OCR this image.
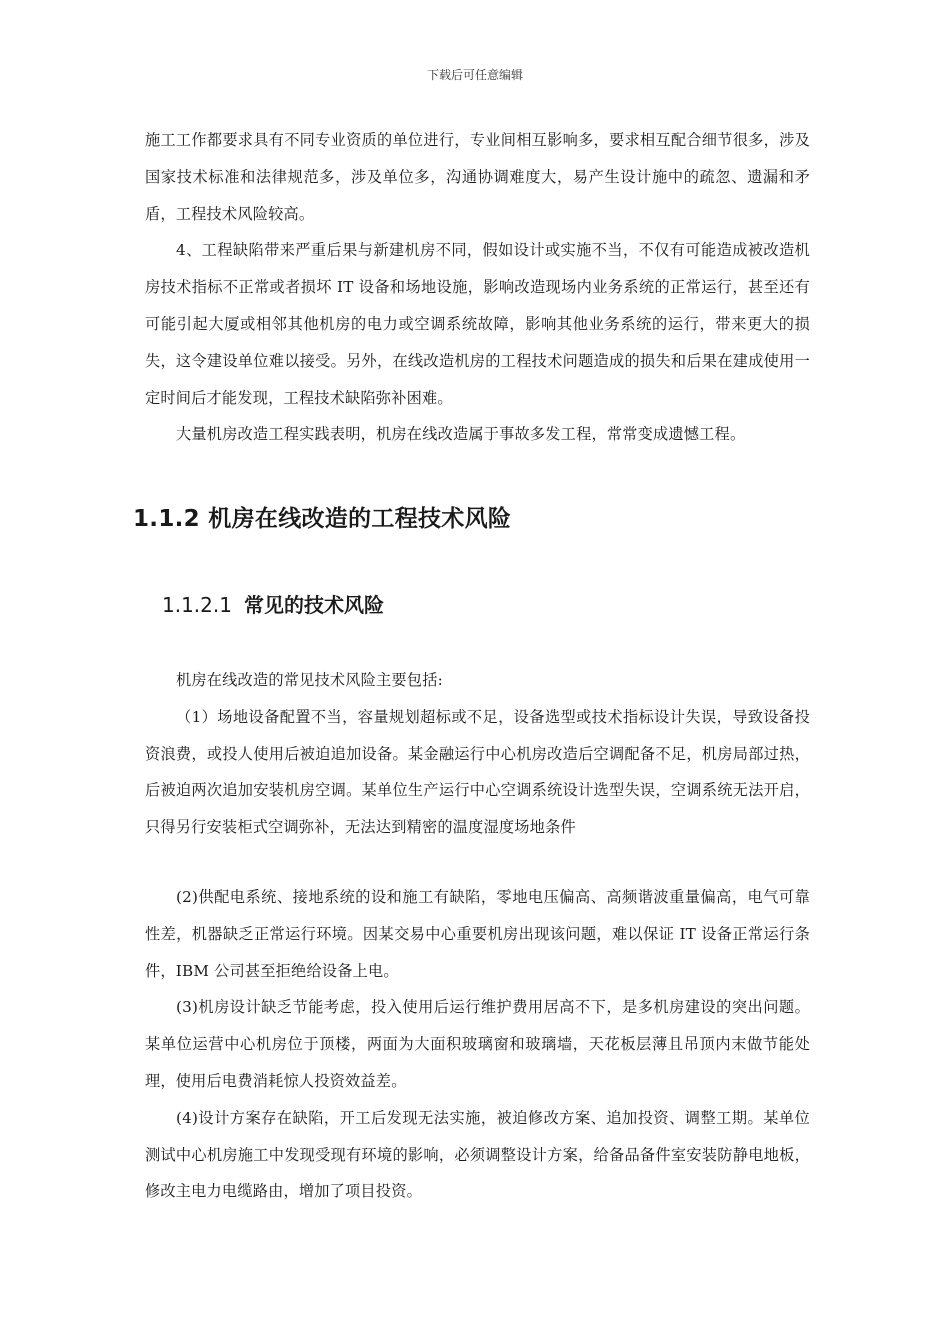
下载后可任意编辑

施工工作都要求具有不同专业资质的单位进行，专业间相互影响多，要求相互配合细节很多，涉及国家技术标准和法律规范多，涉及单位多，沟通协调难度大，易产生设计施中的疏忽、遗漏和矛盾，工程技术风险较高。

4、工程缺陷带来严重后果与新建机房不同，假如设计或实施不当，不仅有可能造成被改造机房技术指标不正常或者损坏 IT 设备和场地设施，影响改造现场内业务系统的正常运行，甚至还有可能引起大厦或相邻其他机房的电力或空调系统故障，影响其他业务系统的运行，带来更大的损失，这令建设单位难以接受。另外，在线改造机房的工程技术问题造成的损失和后果在建成使用一定时间后才能发现，工程技术缺陷弥补困难。

大量机房改造工程实践表明，机房在线改造属于事故多发工程，常常变成遗憾工程。

1.1.2 机房在线改造的工程技术风险
1.1.2.1 常见的技术风险

机房在线改造的常见技术风险主要包括:

（1）场地设备配置不当，容量规划超标或不足，设备选型或技术指标设计失误，导致设备投资浪费，或投人使用后被迫追加设备。某金融运行中心机房改造后空调配备不足，机房局部过热，后被迫两次追加安装机房空调。某单位生产运行中心空调系统设计选型失误，空调系统无法开启，只得另行安装柜式空调弥补，无法达到精密的温度湿度场地条件

(2)供配电系统、接地系统的设和施工有缺陷，零地电压偏高、高频谐波重量偏高，电气可靠性差，机器缺乏正常运行环境。因某交易中心重要机房出现该问题，难以保证 IT 设备正常运行条件，IBM 公司甚至拒绝给设备上电。

(3)机房设计缺乏节能考虑，投入使用后运行维护费用居高不下，是多机房建设的突出问题。某单位运营中心机房位于顶楼，两面为大面积玻璃窗和玻璃墙，天花板层薄且吊顶内末做节能处理，使用后电费消耗惊人投资效益差。

(4)设计方案存在缺陷，开工后发现无法实施，被迫修改方案、追加投资、调整工期。某单位测试中心机房施工中发现受现有环境的影响，必须调整设计方案，给备品备件室安装防静电地板，修改主电力电缆路由，增加了项目投资。
